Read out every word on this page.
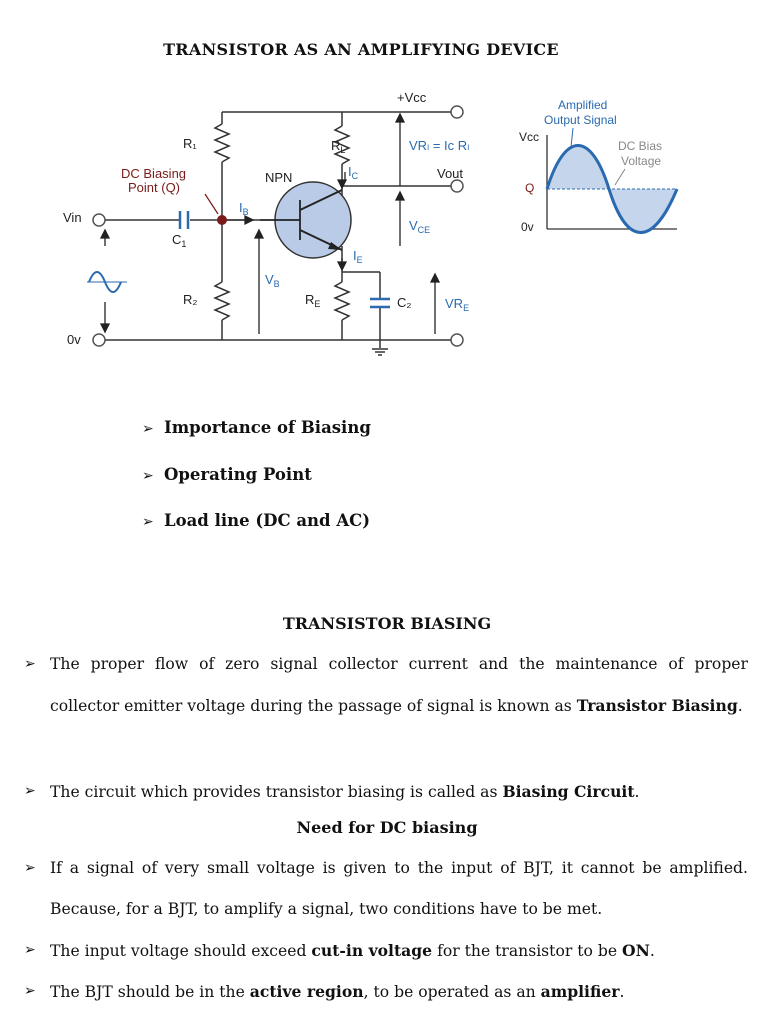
TRANSISTOR AS AN AMPLIFYING DEVICE
+Vcc
R₁	$R_L$	VRₗ = Iᴄ Rₗ
DC Biasing
Point (Q)
NPN	$I_C$	Vout
Vin
$I_B$
$C_1$
$V_{CE}$
$I_E$
$V_B$
R₂	$R_E$	C₂	$VR_E$
0v
Amplified
Output Signal
Vcc
Q
0v
DC Bias
Voltage
➢ Importance of Biasing
➢ Operating Point
➢ Load line (DC and AC)
TRANSISTOR BIASING
➢ The proper flow of zero signal collector current and the maintenance of proper collector emitter voltage during the passage of signal is known as Transistor Biasing.
➢ The circuit which provides transistor biasing is called as Biasing Circuit.
Need for DC biasing
➢ If a signal of very small voltage is given to the input of BJT, it cannot be amplified. Because, for a BJT, to amplify a signal, two conditions have to be met.
➢ The input voltage should exceed cut-in voltage for the transistor to be ON.
➢ The BJT should be in the active region, to be operated as an amplifier.
